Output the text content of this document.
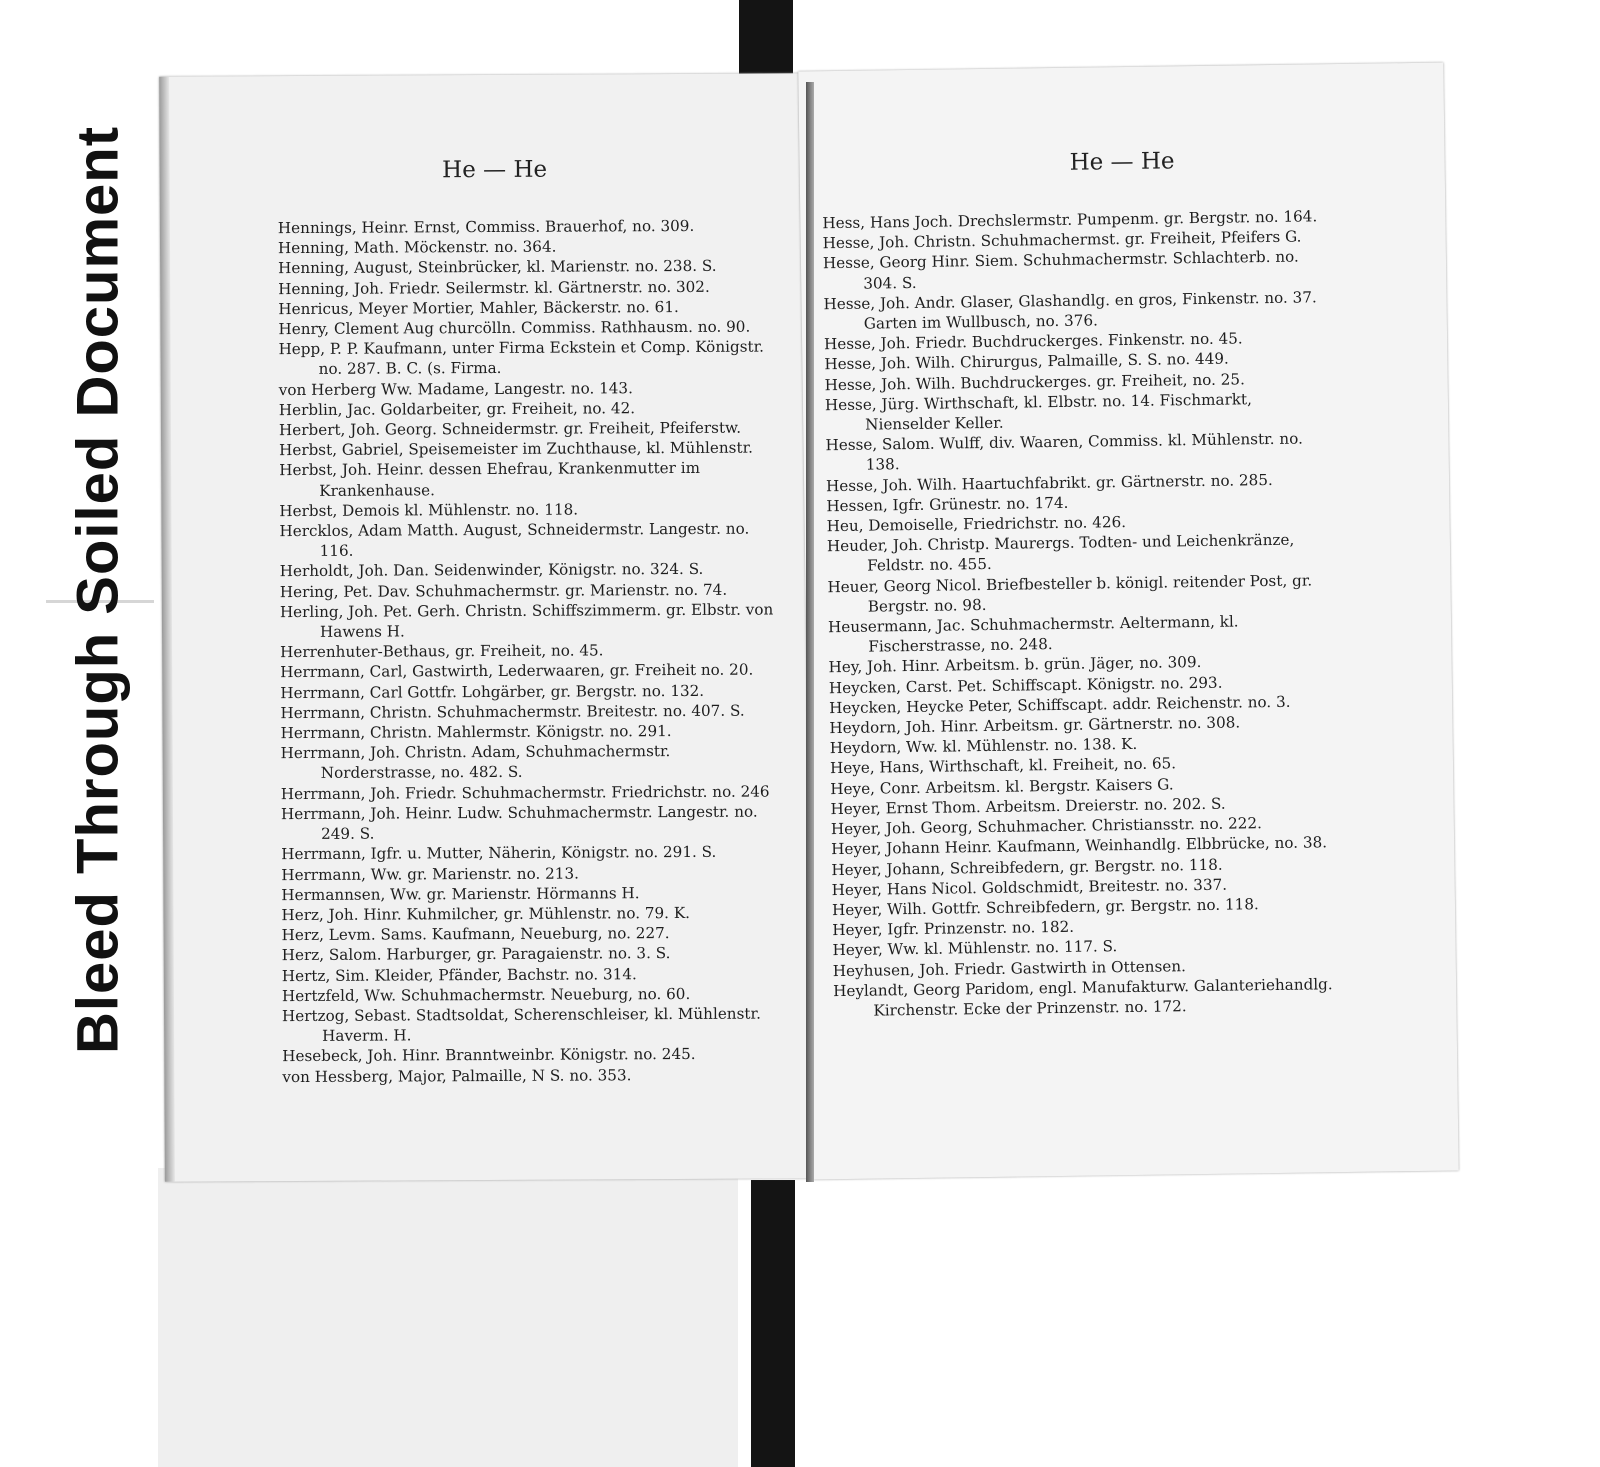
Bleed Through Soiled Document	He — He

Hennings, Heinr. Ernst, Commiss. Brauerhof, no. 309.

Henning, Math. Möckenstr. no. 364.

Henning, August, Steinbrücker, kl. Marienstr. no. 238. S.

Henning, Joh. Friedr. Seilermstr. kl. Gärtnerstr. no. 302.

Henricus, Meyer Mortier, Mahler, Bäckerstr. no. 61.

Henry, Clement Aug churcölln. Commiss. Rathhausm. no. 90.

Hepp, P. P. Kaufmann, unter Firma Eckstein et Comp. Königstr. no. 287. B. C. (s. Firma.

von Herberg Ww. Madame, Langestr. no. 143.

Herblin, Jac. Goldarbeiter, gr. Freiheit, no. 42.

Herbert, Joh. Georg. Schneidermstr. gr. Freiheit, Pfeiferstw.

Herbst, Gabriel, Speisemeister im Zuchthause, kl. Mühlenstr.

Herbst, Joh. Heinr. dessen Ehefrau, Krankenmutter im Krankenhause.

Herbst, Demois kl. Mühlenstr. no. 118.

Hercklos, Adam Matth. August, Schneidermstr. Langestr. no. 116.

Herholdt, Joh. Dan. Seidenwinder, Königstr. no. 324. S.

Hering, Pet. Dav. Schuhmachermstr. gr. Marienstr. no. 74.

Herling, Joh. Pet. Gerh. Christn. Schiffszimmerm. gr. Elbstr. von Hawens H.

Herrenhuter-Bethaus, gr. Freiheit, no. 45.

Herrmann, Carl, Gastwirth, Lederwaaren, gr. Freiheit no. 20.

Herrmann, Carl Gottfr. Lohgärber, gr. Bergstr. no. 132.

Herrmann, Christn. Schuhmachermstr. Breitestr. no. 407. S.

Herrmann, Christn. Mahlermstr. Königstr. no. 291.

Herrmann, Joh. Christn. Adam, Schuhmachermstr. Norderstrasse, no. 482. S.

Herrmann, Joh. Friedr. Schuhmachermstr. Friedrichstr. no. 246

Herrmann, Joh. Heinr. Ludw. Schuhmachermstr. Langestr. no. 249. S.

Herrmann, Igfr. u. Mutter, Näherin, Königstr. no. 291. S.

Herrmann, Ww. gr. Marienstr. no. 213.

Hermannsen, Ww. gr. Marienstr. Hörmanns H.

Herz, Joh. Hinr. Kuhmilcher, gr. Mühlenstr. no. 79. K.

Herz, Levm. Sams. Kaufmann, Neueburg, no. 227.

Herz, Salom. Harburger, gr. Paragaienstr. no. 3. S.

Hertz, Sim. Kleider, Pfänder, Bachstr. no. 314.

Hertzfeld, Ww. Schuhmachermstr. Neueburg, no. 60.

Hertzog, Sebast. Stadtsoldat, Scherenschleiser, kl. Mühlenstr. Haverm. H.

Hesebeck, Joh. Hinr. Branntweinbr. Königstr. no. 245.

von Hessberg, Major, Palmaille, N S. no. 353.

He — He

Hess, Hans Joch. Drechslermstr. Pumpenm. gr. Bergstr. no. 164.

Hesse, Joh. Christn. Schuhmachermst. gr. Freiheit, Pfeifers G.

Hesse, Georg Hinr. Siem. Schuhmachermstr. Schlachterb. no. 304. S.

Hesse, Joh. Andr. Glaser, Glashandlg. en gros, Finkenstr. no. 37. Garten im Wullbusch, no. 376.

Hesse, Joh. Friedr. Buchdruckerges. Finkenstr. no. 45.

Hesse, Joh. Wilh. Chirurgus, Palmaille, S. S. no. 449.

Hesse, Joh. Wilh. Buchdruckerges. gr. Freiheit, no. 25.

Hesse, Jürg. Wirthschaft, kl. Elbstr. no. 14. Fischmarkt, Nienselder Keller.

Hesse, Salom. Wulff, div. Waaren, Commiss. kl. Mühlenstr. no. 138.

Hesse, Joh. Wilh. Haartuchfabrikt. gr. Gärtnerstr. no. 285.

Hessen, Igfr. Grünestr. no. 174.

Heu, Demoiselle, Friedrichstr. no. 426.

Heuder, Joh. Christp. Maurergs. Todten- und Leichenkränze, Feldstr. no. 455.

Heuer, Georg Nicol. Briefbesteller b. königl. reitender Post, gr. Bergstr. no. 98.

Heusermann, Jac. Schuhmachermstr. Aeltermann, kl. Fischerstrasse, no. 248.

Hey, Joh. Hinr. Arbeitsm. b. grün. Jäger, no. 309.

Heycken, Carst. Pet. Schiffscapt. Königstr. no. 293.

Heycken, Heycke Peter, Schiffscapt. addr. Reichenstr. no. 3.

Heydorn, Joh. Hinr. Arbeitsm. gr. Gärtnerstr. no. 308.

Heydorn, Ww. kl. Mühlenstr. no. 138. K.

Heye, Hans, Wirthschaft, kl. Freiheit, no. 65.

Heye, Conr. Arbeitsm. kl. Bergstr. Kaisers G.

Heyer, Ernst Thom. Arbeitsm. Dreierstr. no. 202. S.

Heyer, Joh. Georg, Schuhmacher. Christiansstr. no. 222.

Heyer, Johann Heinr. Kaufmann, Weinhandlg. Elbbrücke, no. 38.

Heyer, Johann, Schreibfedern, gr. Bergstr. no. 118.

Heyer, Hans Nicol. Goldschmidt, Breitestr. no. 337.

Heyer, Wilh. Gottfr. Schreibfedern, gr. Bergstr. no. 118.

Heyer, Igfr. Prinzenstr. no. 182.

Heyer, Ww. kl. Mühlenstr. no. 117. S.

Heyhusen, Joh. Friedr. Gastwirth in Ottensen.

Heylandt, Georg Paridom, engl. Manufakturw. Galanteriehandlg. Kirchenstr. Ecke der Prinzenstr. no. 172.
